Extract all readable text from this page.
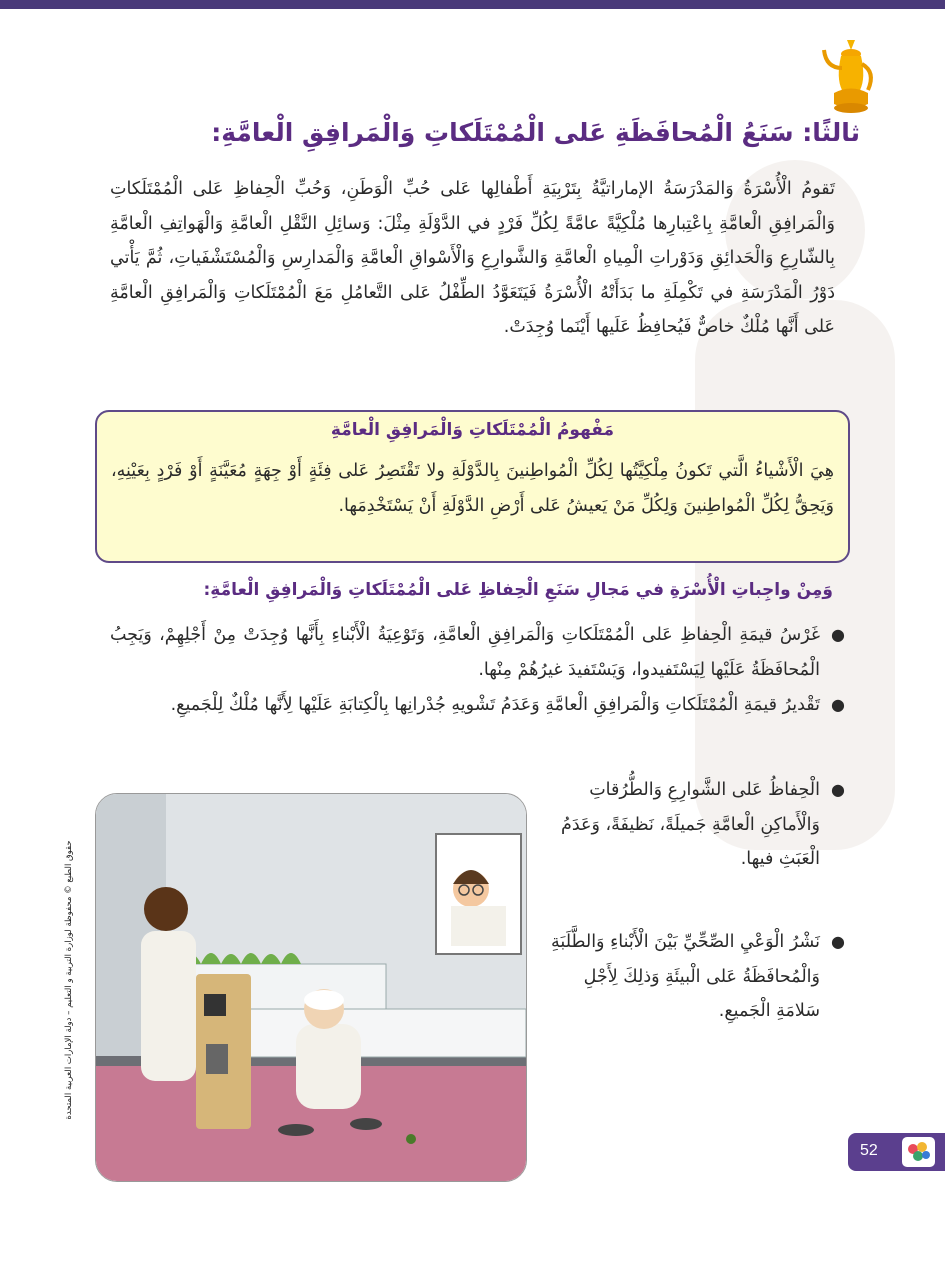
ثالثًا: سَنَعُ الْمُحافَظَةِ عَلى الْمُمْتَلَكاتِ وَالْمَرافِقِ الْعامَّةِ:

تَقومُ الْأُسْرَةُ وَالمَدْرَسَةُ الإماراتيَّةُ بِتَرْبِيَةِ أَطْفالِها عَلى حُبِّ الْوَطَنِ، وَحُبِّ الْحِفاظِ عَلى الْمُمْتَلَكاتِ وَالْمَرافِقِ الْعامَّةِ بِاعْتِبارِها مُلْكِيَّةً عامَّةً لِكُلِّ فَرْدٍ في الدَّوْلَةِ مِثْلَ: وَسائِلِ النَّقْلِ الْعامَّةِ وَالْهَواتِفِ الْعامَّةِ بِالشّارِعِ وَالْحَدائِقِ وَدَوْراتِ الْمِياهِ الْعامَّةِ وَالشَّوارِعِ وَالْأَسْواقِ الْعامَّةِ وَالْمَدارِسِ وَالْمُسْتَشْفَياتِ، ثُمَّ يَأْتي دَوْرُ الْمَدْرَسَةِ في تَكْمِلَةِ ما بَدَأَتْهُ الْأُسْرَةُ فَيَتَعَوَّدُ الطِّفْلُ عَلى التَّعامُلِ مَعَ الْمُمْتَلَكاتِ وَالْمَرافِقِ الْعامَّةِ عَلى أَنَّها مُلْكٌ خاصٌّ فَيُحافِظُ عَلَيها أَيْنَما وُجِدَتْ.

مَفْهومُ الْمُمْتَلَكاتِ وَالْمَرافِقِ الْعامَّةِ

هِيَ الْأَشْياءُ الَّتي تَكونُ مِلْكِيَّتُها لِكُلِّ الْمُواطِنينَ بِالدَّوْلَةِ ولا تَقْتَصِرُ عَلى فِئَةٍ أَوْ جِهَةٍ مُعَيَّنَةٍ أَوْ فَرْدٍ بِعَيْنِهِ، وَيَحِقُّ لِكُلِّ الْمُواطِنينَ وَلِكُلِّ مَنْ يَعيشُ عَلى أَرْضِ الدَّوْلَةِ أَنْ يَسْتَخْدِمَها.

وَمِنْ واجِباتِ الْأُسْرَةِ في مَجالِ سَنَعِ الْحِفاظِ عَلى الْمُمْتَلَكاتِ وَالْمَرافِقِ الْعامَّةِ:
●
غَرْسُ قيمَةِ الْحِفاظِ عَلى الْمُمْتَلَكاتِ وَالْمَرافِقِ الْعامَّةِ، وَتَوْعِيَةُ الْأَبْناءِ بِأَنَّها وُجِدَتْ مِنْ أَجْلِهِمْ، وَيَجِبُ الْمُحافَظَةُ عَلَيْها لِيَسْتَفيدوا، وَيَسْتَفيدَ غيرُهُمْ مِنْها.
●
تَقْديرُ قيمَةِ الْمُمْتَلَكاتِ وَالْمَرافِقِ الْعامَّةِ وَعَدَمُ تَشْويهِ جُدْرانِها بِالْكِتابَةِ عَلَيْها لِأَنَّها مُلْكٌ لِلْجَميعِ.
●
الْحِفاظُ عَلى الشَّوارِعِ وَالطُّرُقاتِ وَالْأَماكِنِ الْعامَّةِ جَميلَةً، نَظيفَةً، وَعَدَمُ الْعَبَثِ فيها.
●
نَشْرُ الْوَعْيِ الصِّحِّيِّ بَيْنَ الْأَبْناءِ وَالطَّلَبَةِ وَالْمُحافَظَةُ عَلى الْبيئَةِ وَذلِكَ لِأَجْلِ سَلامَةِ الْجَميعِ.
حقوق الطبع © محفوظة لوزارة التربية و التعليم – دولة الإمارات العربية المتحدة
52
